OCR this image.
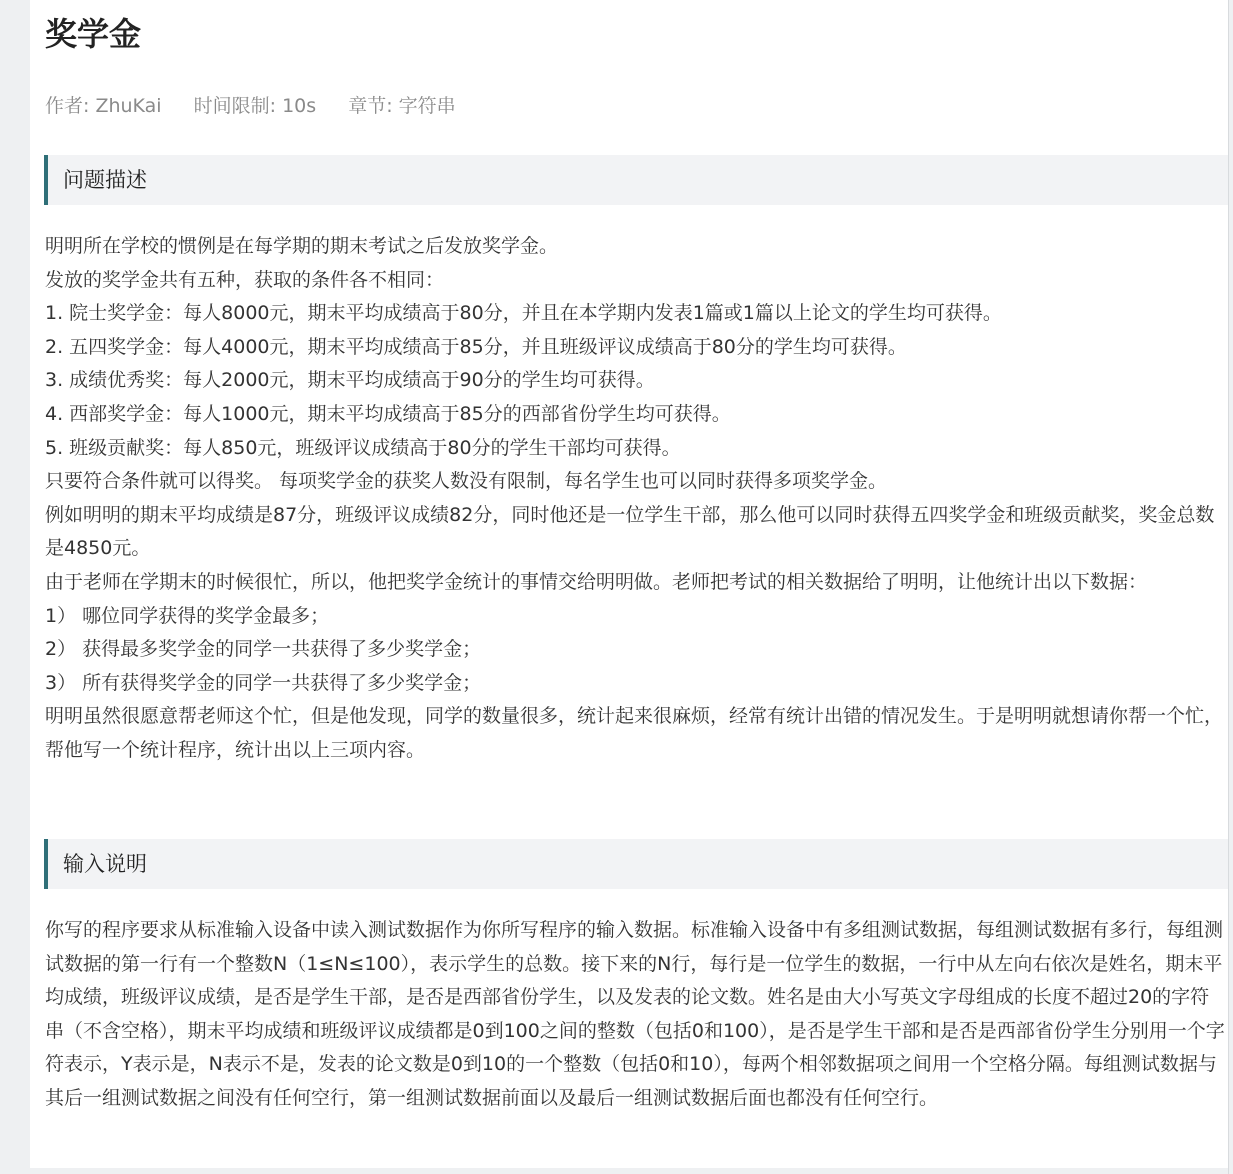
奖学金
作者: ZhuKai 时间限制: 10s 章节: 字符串
问题描述
明明所在学校的惯例是在每学期的期末考试之后发放奖学金。
发放的奖学金共有五种，获取的条件各不相同：
1. 院士奖学金：每人8000元，期末平均成绩高于80分，并且在本学期内发表1篇或1篇以上论文的学生均可获得。
2. 五四奖学金：每人4000元，期末平均成绩高于85分，并且班级评议成绩高于80分的学生均可获得。
3. 成绩优秀奖：每人2000元，期末平均成绩高于90分的学生均可获得。
4. 西部奖学金：每人1000元，期末平均成绩高于85分的西部省份学生均可获得。
5. 班级贡献奖：每人850元，班级评议成绩高于80分的学生干部均可获得。
只要符合条件就可以得奖。 每项奖学金的获奖人数没有限制，每名学生也可以同时获得多项奖学金。
例如明明的期末平均成绩是87分，班级评议成绩82分，同时他还是一位学生干部，那么他可以同时获得五四奖学金和班级贡献奖，奖金总数是4850元。
由于老师在学期末的时候很忙，所以，他把奖学金统计的事情交给明明做。老师把考试的相关数据给了明明，让他统计出以下数据：
1） 哪位同学获得的奖学金最多；
2） 获得最多奖学金的同学一共获得了多少奖学金；
3） 所有获得奖学金的同学一共获得了多少奖学金；
明明虽然很愿意帮老师这个忙，但是他发现，同学的数量很多，统计起来很麻烦，经常有统计出错的情况发生。于是明明就想请你帮一个忙，帮他写一个统计程序，统计出以上三项内容。
输入说明
你写的程序要求从标准输入设备中读入测试数据作为你所写程序的输入数据。标准输入设备中有多组测试数据，每组测试数据有多行，每组测试数据的第一行有一个整数N（1≤N≤100），表示学生的总数。接下来的N行，每行是一位学生的数据，一行中从左向右依次是姓名，期末平均成绩，班级评议成绩，是否是学生干部，是否是西部省份学生，以及发表的论文数。姓名是由大小写英文字母组成的长度不超过20的字符串（不含空格），期末平均成绩和班级评议成绩都是0到100之间的整数（包括0和100），是否是学生干部和是否是西部省份学生分别用一个字符表示，Y表示是，N表示不是，发表的论文数是0到10的一个整数（包括0和10），每两个相邻数据项之间用一个空格分隔。每组测试数据与其后一组测试数据之间没有任何空行，第一组测试数据前面以及最后一组测试数据后面也都没有任何空行。
